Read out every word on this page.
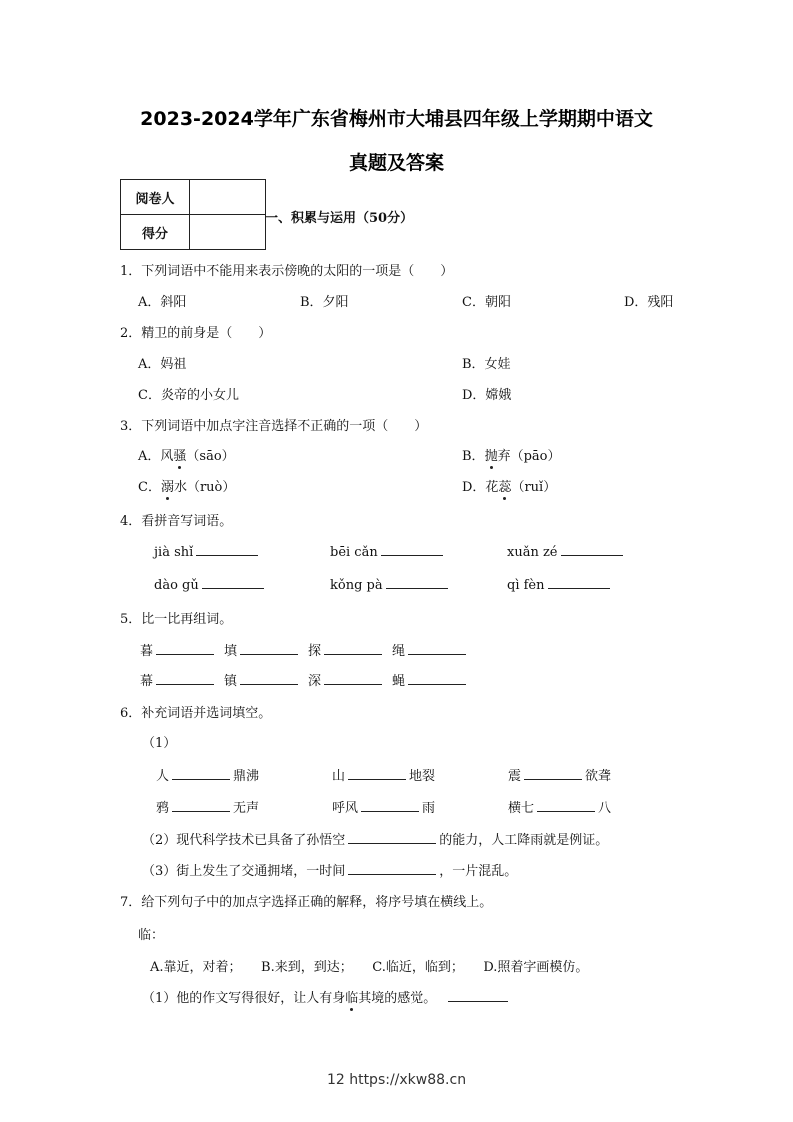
2023-2024学年广东省梅州市大埔县四年级上学期期中语文
真题及答案
阅卷人	
得分	
一、积累与运用（50分）
1．下列词语中不能用来表示傍晚的太阳的一项是（　　）
A．斜阳	B．夕阳	C．朝阳	D．残阳
2．精卫的前身是（　　）
A．妈祖	B．女娃
C．炎帝的小女儿	D．嫦娥
3．下列词语中加点字注音选择不正确的一项（　　）
A．风骚（sāo）	B．抛弃（pāo）
C．溺水（ruò）	D．花蕊（ruǐ）
4．看拼音写词语。
jià shǐ	bēi cǎn	xuǎn zé
dào gǔ	kǒng pà	qì fèn
5．比一比再组词。
暮	填	探	绳
幕	镇	深	蝇
6．补充词语并选词填空。
（1）
人	鼎沸	山	地裂	震	欲聋
鸦	无声	呼风	雨	横七	八
（2）现代科学技术已具备了孙悟空	的能力，人工降雨就是例证。
（3）街上发生了交通拥堵，一时间	，一片混乱。
7．给下列句子中的加点字选择正确的解释，将序号填在横线上。
临：
A.靠近，对着；　　B.来到，到达；　　C.临近，临到；　　D.照着字画模仿。
（1）他的作文写得很好，让人有身临其境的感觉。
12 https://xkw88.cn
